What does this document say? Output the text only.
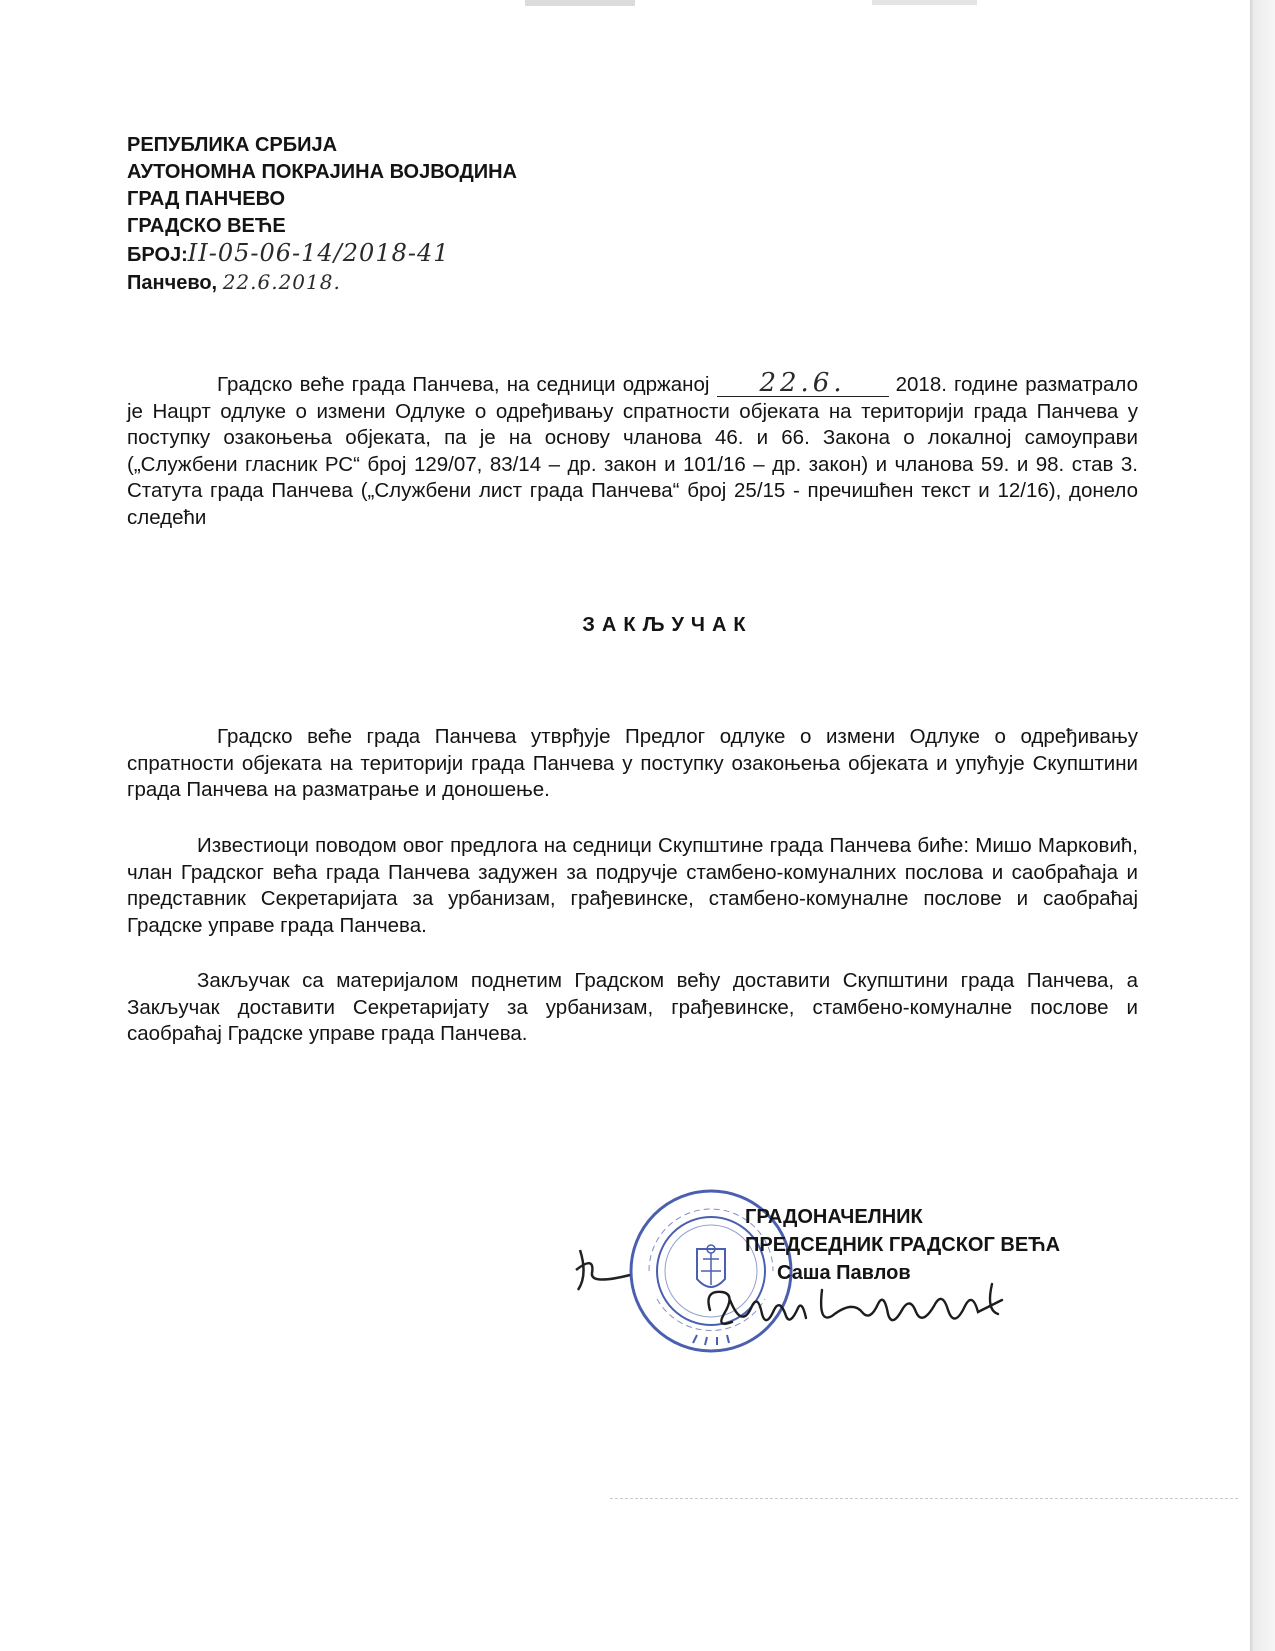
РЕПУБЛИКА СРБИЈА
АУТОНОМНА ПОКРАЈИНА ВОЈВОДИНА
ГРАД ПАНЧЕВО
ГРАДСКО ВЕЋЕ
БРОЈ:II-05-06-14/2018-41
Панчево, 22.6.2018.
Градско веће града Панчева, на седници одржаној 22.6. 2018. године разматрало је Нацрт одлуке о измени Одлуке о одређивању спратности објеката на територији града Панчева у поступку озакоњења објеката, па је на основу чланова 46. и 66. Закона о локалној самоуправи („Службени гласник РС“ број 129/07, 83/14 – др. закон и 101/16 – др. закон) и чланова 59. и 98. став 3. Статута града Панчева („Службени лист града Панчева“ број 25/15 - пречишћен текст и 12/16), донело следећи
ЗАКЉУЧАК
Градско веће града Панчева утврђује Предлог одлуке о измени Одлуке о одређивању спратности објеката на територији града Панчева у поступку озакоњења објеката и упућује Скупштини града Панчева на разматрање и доношење.
Известиоци поводом овог предлога на седници Скупштине града Панчева биће: Мишо Марковић, члан Градског већа града Панчева задужен за подручје стамбено-комуналних послова и саобраћаја и представник Секретаријата за урбанизам, грађевинске, стамбено-комуналне послове и саобраћај Градске управе града Панчева.
Закључак са материјалом поднетим Градском већу доставити Скупштини града Панчева, а Закључак доставити Секретаријату за урбанизам, грађевинске, стамбено-комуналне послове и саобраћај Градске управе града Панчева.
ГРАДОНАЧЕЛНИК
ПРЕДСЕДНИК ГРАДСКОГ ВЕЋА
Саша Павлов
